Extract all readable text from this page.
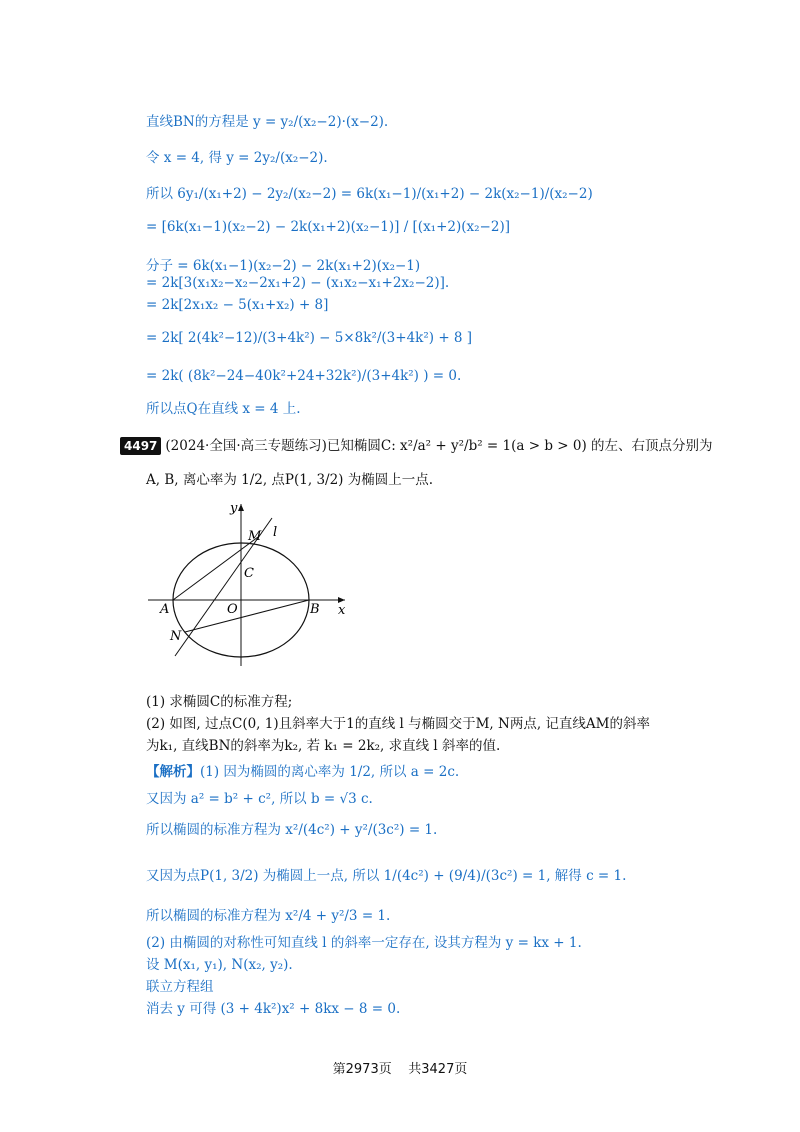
直线BN的方程是 y = y₂/(x₂−2)·(x−2).
令 x = 4, 得 y = 2y₂/(x₂−2).
所以 6y₁/(x₁+2) − 2y₂/(x₂−2) = 6k(x₁−1)/(x₁+2) − 2k(x₂−1)/(x₂−2)
= [6k(x₁−1)(x₂−2) − 2k(x₁+2)(x₂−1)] / [(x₁+2)(x₂−2)]
分子 = 6k(x₁−1)(x₂−2) − 2k(x₁+2)(x₂−1)
= 2k[3(x₁x₂−x₂−2x₁+2) − (x₁x₂−x₁+2x₂−2)].
= 2k[2x₁x₂ − 5(x₁+x₂) + 8]
= 2k[ 2(4k²−12)/(3+4k²) − 5×8k²/(3+4k²) + 8 ]
= 2k( (8k²−24−40k²+24+32k²)/(3+4k²) ) = 0.
所以点Q在直线 x = 4 上.
4497 (2024·全国·高三专题练习)已知椭圆C: x²/a² + y²/b² = 1(a > b > 0) 的左、右顶点分别为
A, B, 离心率为 1/2, 点P(1, 3/2) 为椭圆上一点.
y
x
l
M
C
A	O	B
N
(1) 求椭圆C的标准方程;
(2) 如图, 过点C(0, 1)且斜率大于1的直线 l 与椭圆交于M, N两点, 记直线AM的斜率
为k₁, 直线BN的斜率为k₂, 若 k₁ = 2k₂, 求直线 l 斜率的值.
【解析】(1) 因为椭圆的离心率为 1/2, 所以 a = 2c.
又因为 a² = b² + c², 所以 b = √3 c.
所以椭圆的标准方程为 x²/(4c²) + y²/(3c²) = 1.
又因为点P(1, 3/2) 为椭圆上一点, 所以 1/(4c²) + (9/4)/(3c²) = 1, 解得 c = 1.
所以椭圆的标准方程为 x²/4 + y²/3 = 1.
(2) 由椭圆的对称性可知直线 l 的斜率一定存在, 设其方程为 y = kx + 1.
设 M(x₁, y₁), N(x₂, y₂).
联立方程组
消去 y 可得 (3 + 4k²)x² + 8kx − 8 = 0.
第2973页 共3427页
